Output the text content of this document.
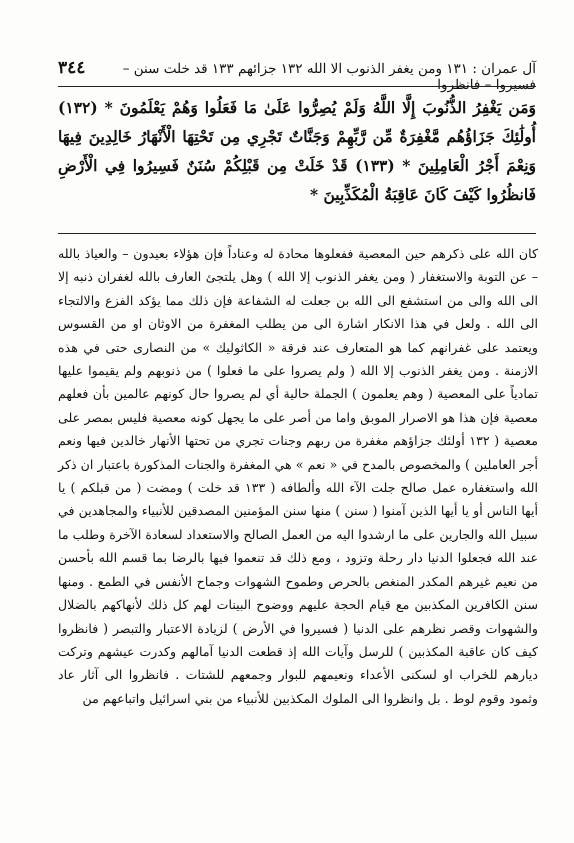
٣٤٤	آل عمران : ١٣١ ومن يغفر الذنوب الا الله ١٣٢ جزائهم ١٣٣ قد خلت سنن – فسيروا – فانظروا
وَمَن يَغْفِرُ الذُّنُوبَ إِلَّا اللَّهُ وَلَمْ يُصِرُّوا عَلَىٰ مَا فَعَلُوا وَهُمْ يَعْلَمُونَ * (١٣٢) أُولَٰئِكَ جَزَاؤُهُم مَّغْفِرَةٌ مِّن رَّبِّهِمْ وَجَنَّاتٌ تَجْرِي مِن تَحْتِهَا الْأَنْهَارُ خَالِدِينَ فِيهَا وَنِعْمَ أَجْرُ الْعَامِلِينَ * (١٣٣) قَدْ خَلَتْ مِن قَبْلِكُمْ سُنَنٌ فَسِيرُوا فِي الْأَرْضِ فَانظُرُوا كَيْفَ كَانَ عَاقِبَةُ الْمُكَذِّبِينَ *

كان الله على ذكرهم حين المعصية ففعلوها محادة له وعناداً فإن هؤلاء بعيدون – والعياذ بالله – عن التوبة والاستغفار ( ومن يغفر الذنوب إلا الله ) وهل يلتجئ العارف بالله لغفران ذنبه إلا الى الله والى من استشفع الى الله بن جعلت له الشفاعة فإن ذلك مما يؤكد الفزع والالتجاء الى الله . ولعل في هذا الانكار اشارة الى من يطلب المغفرة من الاوثان او من القسوس ويعتمد على غفرانهم كما هو المتعارف عند فرقة « الكاثوليك » من النصارى حتى في هذه الازمنة . ومن يغفر الذنوب إلا الله ( ولم يصروا على ما فعلوا ) من ذنوبهم ولم يقيموا عليها تمادياً على المعصية ( وهم يعلمون ) الجملة حالية أي لم يصروا حال كونهم عالمين بأن فعلهم معصية فإن هذا هو الاصرار الموبق واما من أصر على ما يجهل كونه معصية فليس بمصر على معصية ( ١٣٢ أولئك جزاؤهم مغفرة من ربهم وجنات تجري من تحتها الأنهار خالدين فيها ونعم أجر العاملين ) والمخصوص بالمدح في « نعم » هي المغفرة والجنات المذكورة باعتبار ان ذكر الله واستغفاره عمل صالح جلت الآء الله وألطافه ( ١٣٣ قد خلت ) ومضت ( من قبلكم ) يا أيها الناس أو يا أيها الذين آمنوا ( سنن ) منها سنن المؤمنين المصدقين للأنبياء والمجاهدين في سبيل الله والجارين على ما ارشدوا اليه من العمل الصالح والاستعداد لسعادة الآخرة وطلب ما عند الله فجعلوا الدنيا دار رحلة وتزود ، ومع ذلك قد تنعموا فيها بالرضا بما قسم الله بأحسن من نعيم غيرهم المكدر المنغص بالحرص وطموح الشهوات وجماح الأنفس في الطمع . ومنها سنن الكافرين المكذبين مع قيام الحجة عليهم ووضوح البينات لهم كل ذلك لأنهاكهم بالضلال والشهوات وقصر نظرهم على الدنيا ( فسيروا في الأرض ) لزيادة الاعتبار والتبصر ( فانظروا كيف كان عاقبة المكذبين ) للرسل وآيات الله إذ قطعت الدنيا آمالهم وكدرت عيشهم وتركت ديارهم للخراب او لسكنى الأعداء ونعيمهم للبوار وجمعهم للشتات . فانظروا الى آثار عاد وثمود وقوم لوط . بل وانظروا الى الملوك المكذبين للأنبياء من بني اسرائيل واتباعهم من
